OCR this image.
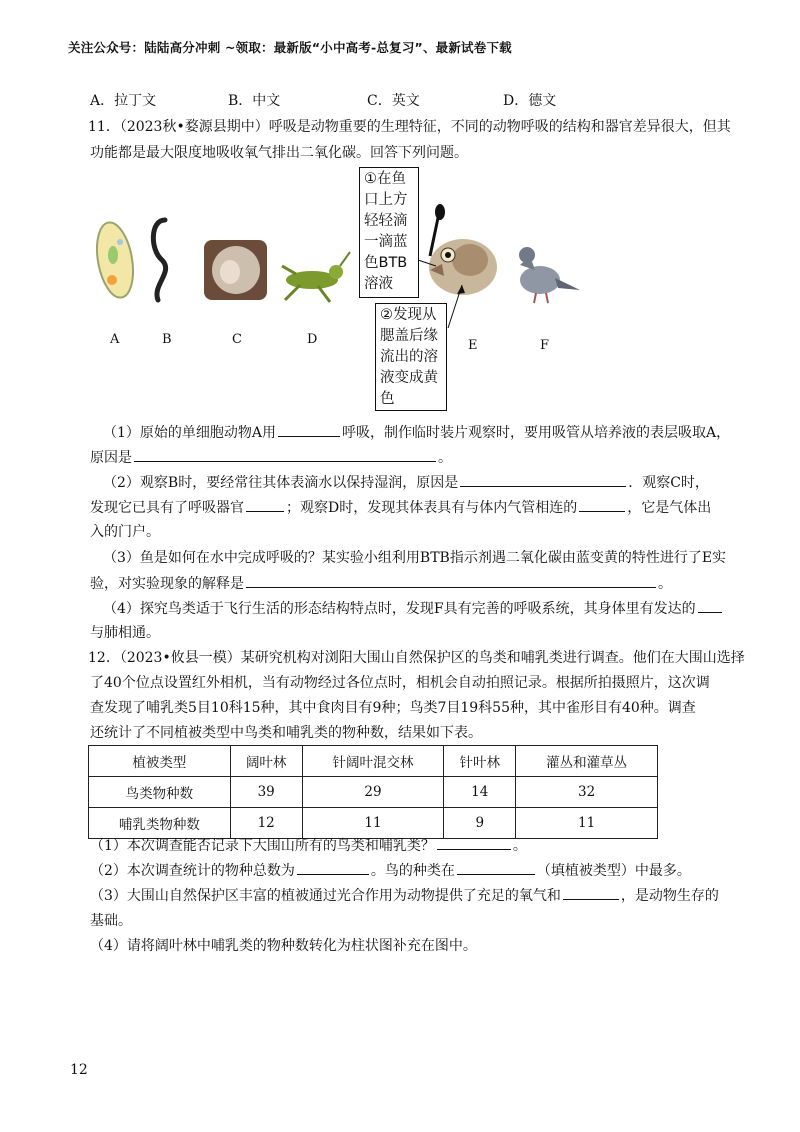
关注公众号：陆陆高分冲刺 ~领取：最新版“小中高考-总复习”、最新试卷下载
A．拉丁文	B．中文	C．英文	D．德文
11．（2023秋•婺源县期中）呼吸是动物重要的生理特征，不同的动物呼吸的结构和器官差异很大，但其
功能都是最大限度地吸收氧气排出二氧化碳。回答下列问题。
A	B	C	D	E	F
①在鱼
口上方
轻轻滴
一滴蓝
色BTB
溶液
②发现从
腮盖后缘
流出的溶
液变成黄
色
（1）原始的单细胞动物A用	呼吸，制作临时装片观察时，要用吸管从培养液的表层吸取A，
原因是	。
（2）观察B时，要经常往其体表滴水以保持湿润，原因是	．观察C时，
发现它已具有了呼吸器官	；观察D时，发现其体表具有与体内气管相连的	，它是气体出
入的门户。
（3）鱼是如何在水中完成呼吸的？某实验小组利用BTB指示剂遇二氧化碳由蓝变黄的特性进行了E实
验，对实验现象的解释是	。
（4）探究鸟类适于飞行生活的形态结构特点时，发现F具有完善的呼吸系统，其身体里有发达的
与肺相通。
12．（2023•攸县一模）某研究机构对浏阳大围山自然保护区的鸟类和哺乳类进行调查。他们在大围山选择
了40个位点设置红外相机，当有动物经过各位点时，相机会自动拍照记录。根据所拍摄照片，这次调
查发现了哺乳类5目10科15种，其中食肉目有9种；鸟类7目19科55种，其中雀形目有40种。调查
还统计了不同植被类型中鸟类和哺乳类的物种数，结果如下表。
植被类型	阔叶林	针阔叶混交林	针叶林	灌丛和灌草丛
鸟类物种数	39	29	14	32
哺乳类物种数	12	11	9	11
（1）本次调查能否记录下大围山所有的鸟类和哺乳类？	。
（2）本次调查统计的物种总数为	。鸟的种类在	（填植被类型）中最多。
（3）大围山自然保护区丰富的植被通过光合作用为动物提供了充足的氧气和	，是动物生存的
基础。
（4）请将阔叶林中哺乳类的物种数转化为柱状图补充在图中。
12
